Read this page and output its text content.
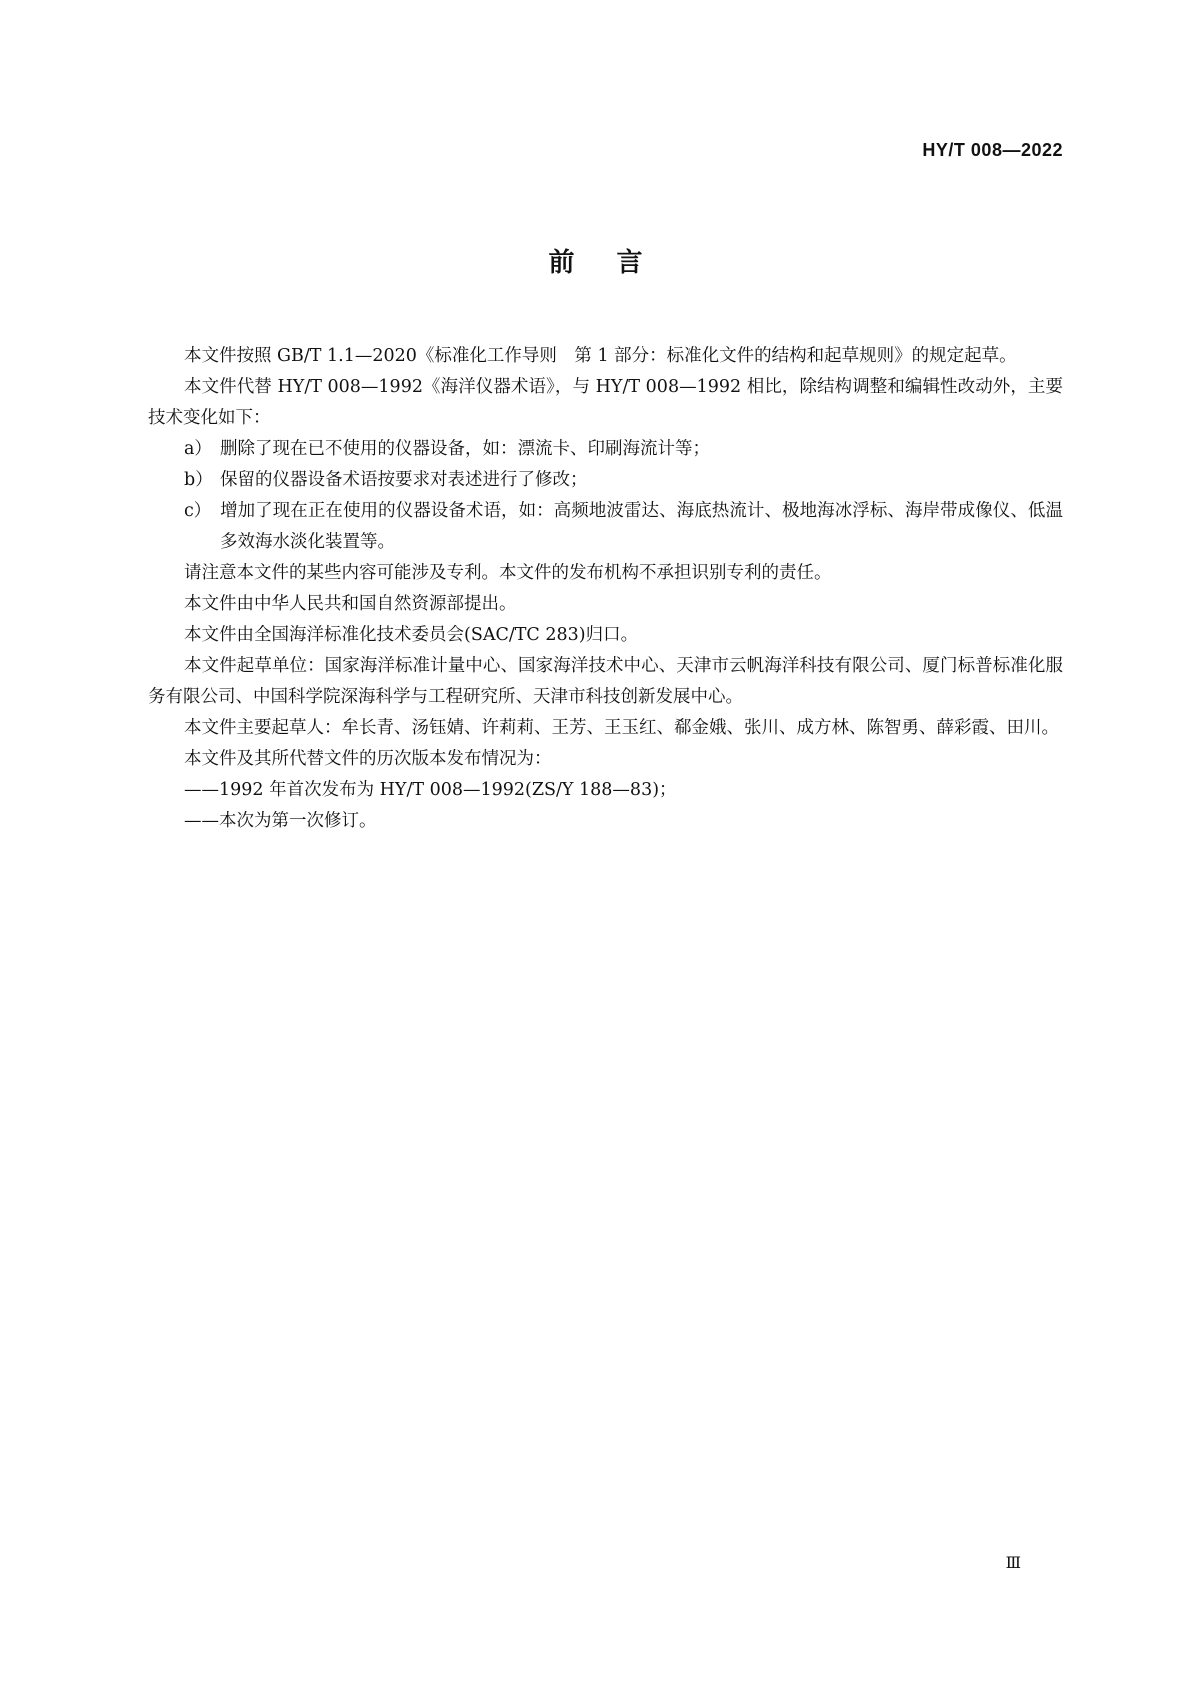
HY/T 008—2022
前言

本文件按照 GB/T 1.1—2020《标准化工作导则　第 1 部分：标准化文件的结构和起草规则》的规定起草。

本文件代替 HY/T 008—1992《海洋仪器术语》，与 HY/T 008—1992 相比，除结构调整和编辑性改动外，主要技术变化如下：

a） 删除了现在已不使用的仪器设备，如：漂流卡、印刷海流计等；

b） 保留的仪器设备术语按要求对表述进行了修改；

c） 增加了现在正在使用的仪器设备术语，如：高频地波雷达、海底热流计、极地海冰浮标、海岸带成像仪、低温多效海水淡化装置等。

请注意本文件的某些内容可能涉及专利。本文件的发布机构不承担识别专利的责任。

本文件由中华人民共和国自然资源部提出。

本文件由全国海洋标准化技术委员会(SAC/TC 283)归口。

本文件起草单位：国家海洋标准计量中心、国家海洋技术中心、天津市云帆海洋科技有限公司、厦门标普标准化服务有限公司、中国科学院深海科学与工程研究所、天津市科技创新发展中心。

本文件主要起草人：牟长青、汤钰婧、许莉莉、王芳、王玉红、郗金娥、张川、成方林、陈智勇、薛彩霞、田川。

本文件及其所代替文件的历次版本发布情况为：

——1992 年首次发布为 HY/T 008—1992(ZS/Y 188—83)；

——本次为第一次修订。

Ⅲ
